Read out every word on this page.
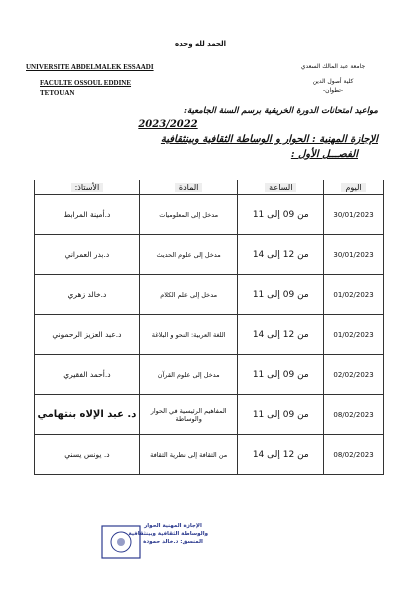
UNIVERSITE ABDELMALEK ESSAADI
FACULTE OSSOUL EDDINE
TETOUAN
الحمد لله وحده
جامعة عبد المالك السعدي
كلية أصول الدين
-تطوان-
مواعيد امتحانات الدورة الخريفية برسم السنة الجامعية:
2023/2022
الإجازة المهنية : الحوار و الوساطة الثقافية وبينثقافية
الفصـــل الأول :
اليوم	الساعة	المادة	الأستاذ:
30/01/2023	من 09 إلى 11	مدخل إلى المعلوميات	د.أمينة المرابط
30/01/2023	من 12 إلى 14	مدخل إلى علوم الحديث	د.بدر العمراني
01/02/2023	من 09 إلى 11	مدخل إلى علم الكلام	د.خالد زهري
01/02/2023	من 12 إلى 14	اللغة العربية: النحو و البلاغة	د.عبد العزيز الرحموني
02/02/2023	من 09 إلى 11	مدخل إلى علوم القرآن	د.أحمد الفقيري
08/02/2023	من 09 إلى 11	المفاهيم الرئيسية في الحوار والوساطة	د. عبد الإلاه بنتهامي
08/02/2023	من 12 إلى 14	من الثقافة إلى نظرية الثقافة	د. يونس يسني
الإجازة المهنية الحوار
والوساطة الثقافية وبينثقافية
المنسق: د.خالد حمودة
